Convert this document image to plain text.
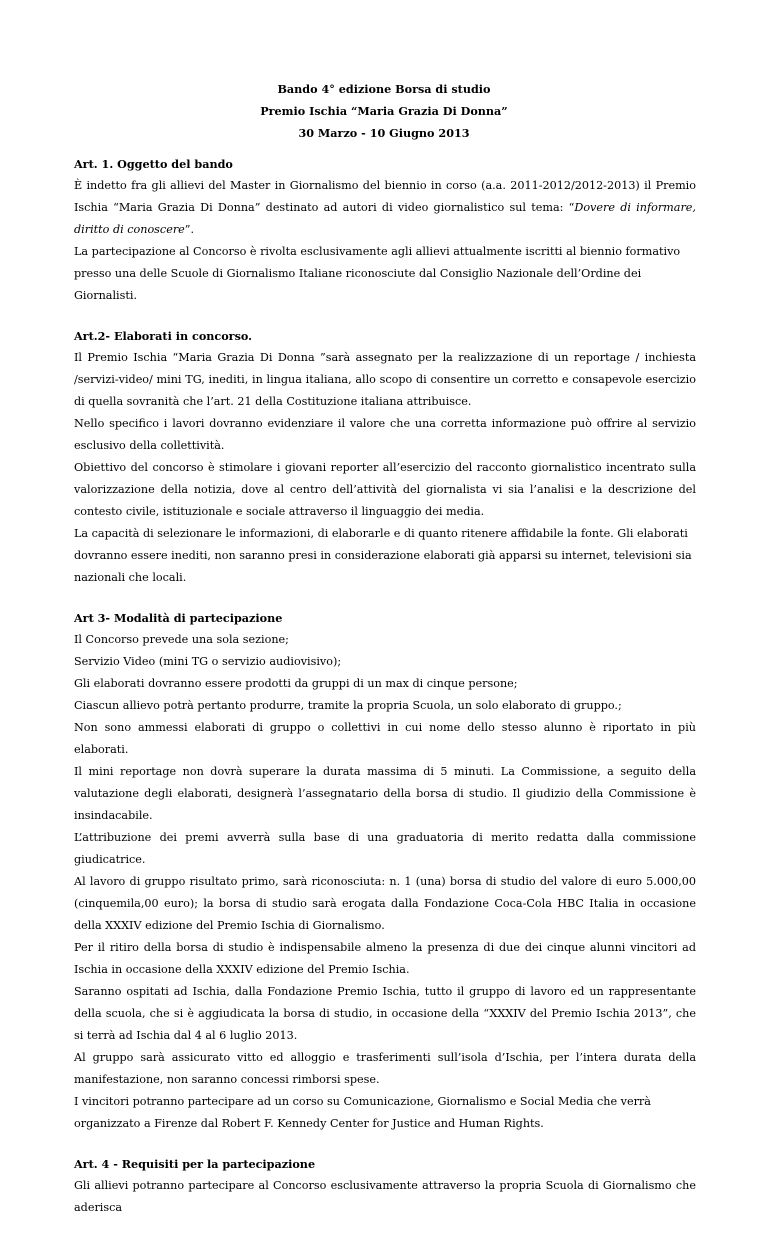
Bando 4° edizione Borsa di studio
Premio Ischia “Maria Grazia Di Donna”
30 Marzo - 10 Giugno 2013
Art. 1. Oggetto del bando

È indetto fra gli allievi del Master in Giornalismo del biennio in corso (a.a. 2011-2012/2012-2013) il Premio Ischia “Maria Grazia Di Donna” destinato ad autori di video giornalistico sul tema: “Dovere di informare, diritto di conoscere”.

La partecipazione al Concorso è rivolta esclusivamente agli allievi attualmente iscritti al biennio formativo presso una delle Scuole di Giornalismo Italiane riconosciute dal Consiglio Nazionale dell’Ordine dei Giornalisti.

Art.2- Elaborati in concorso.

Il Premio Ischia “Maria Grazia Di Donna ”sarà assegnato per la realizzazione di un reportage / inchiesta /servizi-video/ mini TG, inediti, in lingua italiana, allo scopo di consentire un corretto e consapevole esercizio di quella sovranità che l’art. 21 della Costituzione italiana attribuisce.

Nello specifico i lavori dovranno evidenziare il valore che una corretta informazione può offrire al servizio esclusivo della collettività.

Obiettivo del concorso è stimolare i giovani reporter all’esercizio del racconto giornalistico incentrato sulla valorizzazione della notizia, dove al centro dell’attività del giornalista vi sia l’analisi e la descrizione del contesto civile, istituzionale e sociale attraverso il linguaggio dei media.

La capacità di selezionare le informazioni, di elaborarle e di quanto ritenere affidabile la fonte. Gli elaborati dovranno essere inediti, non saranno presi in considerazione elaborati già apparsi su internet, televisioni sia nazionali che locali.

Art 3- Modalità di partecipazione

Il Concorso prevede una sola sezione;

Servizio Video (mini TG o servizio audiovisivo);

Gli elaborati dovranno essere prodotti da gruppi di un max di cinque persone;

Ciascun allievo potrà pertanto produrre, tramite la propria Scuola, un solo elaborato di gruppo.;

Non sono ammessi elaborati di gruppo o collettivi in cui nome dello stesso alunno è riportato in più elaborati.

Il mini reportage non dovrà superare la durata massima di 5 minuti. La Commissione, a seguito della valutazione degli elaborati, designerà l’assegnatario della borsa di studio. Il giudizio della Commissione è insindacabile.

L’attribuzione dei premi avverrà sulla base di una graduatoria di merito redatta dalla commissione giudicatrice.

Al lavoro di gruppo risultato primo, sarà riconosciuta: n. 1 (una) borsa di studio del valore di euro 5.000,00 (cinquemila,00 euro); la borsa di studio sarà erogata dalla Fondazione Coca-Cola HBC Italia in occasione della XXXIV edizione del Premio Ischia di Giornalismo.

Per il ritiro della borsa di studio è indispensabile almeno la presenza di due dei cinque alunni vincitori ad Ischia in occasione della XXXIV edizione del Premio Ischia.

Saranno ospitati ad Ischia, dalla Fondazione Premio Ischia, tutto il gruppo di lavoro ed un rappresentante della scuola, che si è aggiudicata la borsa di studio, in occasione della “XXXIV del Premio Ischia 2013”, che si terrà ad Ischia dal 4 al 6 luglio 2013.

Al gruppo sarà assicurato vitto ed alloggio e trasferimenti sull’isola d’Ischia, per l’intera durata della manifestazione, non saranno concessi rimborsi spese.

I vincitori potranno partecipare ad un corso su Comunicazione, Giornalismo e Social Media che verrà organizzato a Firenze dal Robert F. Kennedy Center for Justice and Human Rights.

Art. 4 - Requisiti per la partecipazione

Gli allievi potranno partecipare al Concorso esclusivamente attraverso la propria Scuola di Giornalismo che aderisca
